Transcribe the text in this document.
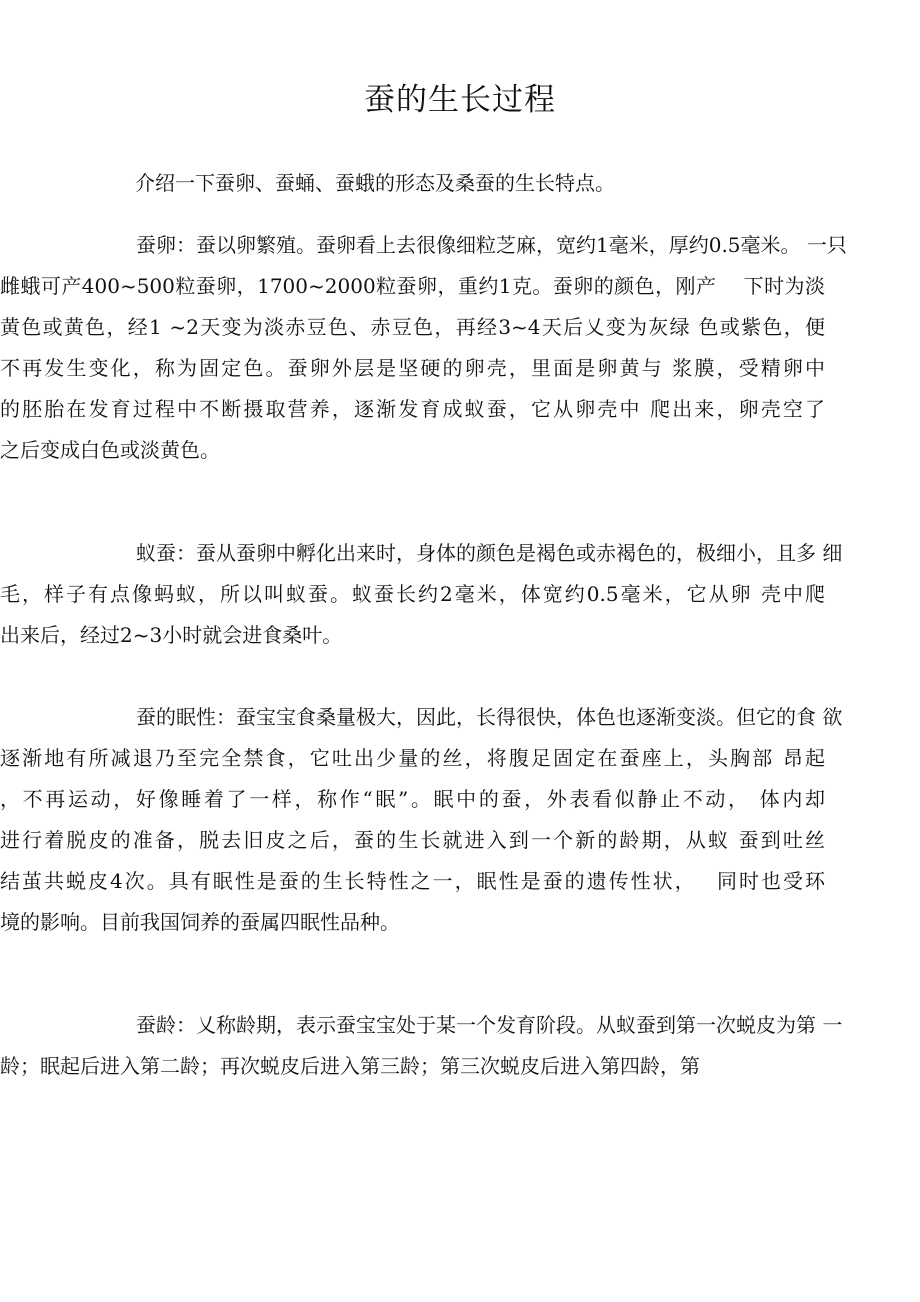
蚕的生长过程
介绍一下蚕卵、蚕蛹、蚕蛾的形态及桑蚕的生长特点。
蚕卵：蚕以卵繁殖。蚕卵看上去很像细粒芝麻，宽约1毫米，厚约0.5毫米。 一只
雌蛾可产400~500粒蚕卵，1700~2000粒蚕卵，重约1克。蚕卵的颜色，刚产　 下时为淡
黄色或黄色，经1 ~2天变为淡赤豆色、赤豆色，再经3~4天后乂变为灰绿 色或紫色，便
不再发生变化，称为固定色。蚕卵外层是坚硬的卵壳，里面是卵黄与 浆膜，受精卵中
的胚胎在发育过程中不断摄取营养，逐渐发育成蚁蚕，它从卵壳中 爬出来，卵壳空了
之后变成白色或淡黄色。
蚁蚕：蚕从蚕卵中孵化出来时，身体的颜色是褐色或赤褐色的，极细小，且多 细
毛，样子有点像蚂蚁，所以叫蚁蚕。蚁蚕长约2毫米，体宽约0.5毫米，它从卵 壳中爬
出来后，经过2~3小时就会进食桑叶。
蚕的眠性：蚕宝宝食桑量极大，因此，长得很快，体色也逐渐变淡。但它的食 欲
逐渐地有所减退乃至完全禁食，它吐出少量的丝，将腹足固定在蚕座上，头胸部 昂起
，不再运动，好像睡着了一样，称作“眠”。眠中的蚕，外表看似静止不动， 体内却
进行着脱皮的准备，脱去旧皮之后，蚕的生长就进入到一个新的龄期，从蚁 蚕到吐丝
结茧共蜕皮4次。具有眠性是蚕的生长特性之一，眠性是蚕的遗传性状，　 同时也受环
境的影响。目前我国饲养的蚕属四眠性品种。
蚕龄：乂称龄期，表示蚕宝宝处于某一个发育阶段。从蚁蚕到第一次蜕皮为第 一
龄；眠起后进入第二龄；再次蜕皮后进入第三龄；第三次蜕皮后进入第四龄，第
